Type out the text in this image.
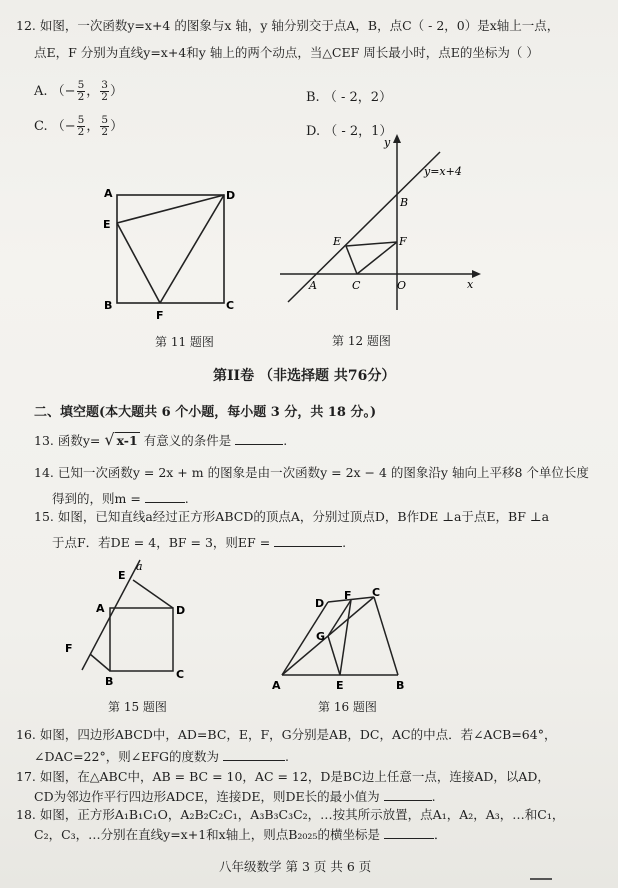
12. 如图，一次函数y=x+4 的图象与x 轴，y 轴分别交于点A，B，点C（ - 2，0）是x轴上一点，
点E，F 分别为直线y=x+4和y 轴上的两个动点，当△CEF 周长最小时，点E的坐标为（ ）
A. （− $\frac{5}{2}$ ， $\frac{3}{2}$ ）	B. （ - 2，2）
C. （− $\frac{5}{2}$ ， $\frac{5}{2}$ ）	D. （ - 2，1）
A	D
E
B
F
C
第 11 题图
y
y=x+4
B
E	F
A	C	O	x
第 12 题图
第II卷 （非选择题 共76分）
二、填空题(本大题共 6 个小题，每小题 3 分，共 18 分。)
13. 函数y= √ x-1 有意义的条件是	.
14. 已知一次函数y = 2x + m 的图象是由一次函数y = 2x − 4 的图象沿y 轴向上平移8 个单位长度
得到的，则m =	.
15. 如图，已知直线a经过正方形ABCD的顶点A，分别过顶点D，B作DE ⊥a于点E，BF ⊥a
于点F．若DE = 4，BF = 3，则EF =	.
E
a
A	D
F
B
C
第 15 题图
D
F C
G
A	E	B
第 16 题图
16. 如图，四边形ABCD中，AD=BC，E，F，G分别是AB，DC，AC的中点．若∠ACB=64°，
∠DAC=22°，则∠EFG的度数为	.
17. 如图，在△ABC中，AB = BC = 10，AC = 12，D是BC边上任意一点，连接AD，以AD，
CD为邻边作平行四边形ADCE，连接DE，则DE长的最小值为	.
18. 如图，正方形A₁B₁C₁O，A₂B₂C₂C₁，A₃B₃C₃C₂，…按其所示放置，点A₁，A₂，A₃，…和C₁，
C₂，C₃，…分别在直线y=x+1和x轴上，则点B₂₀₂₅的横坐标是	．
八年级数学 第 3 页 共 6 页
